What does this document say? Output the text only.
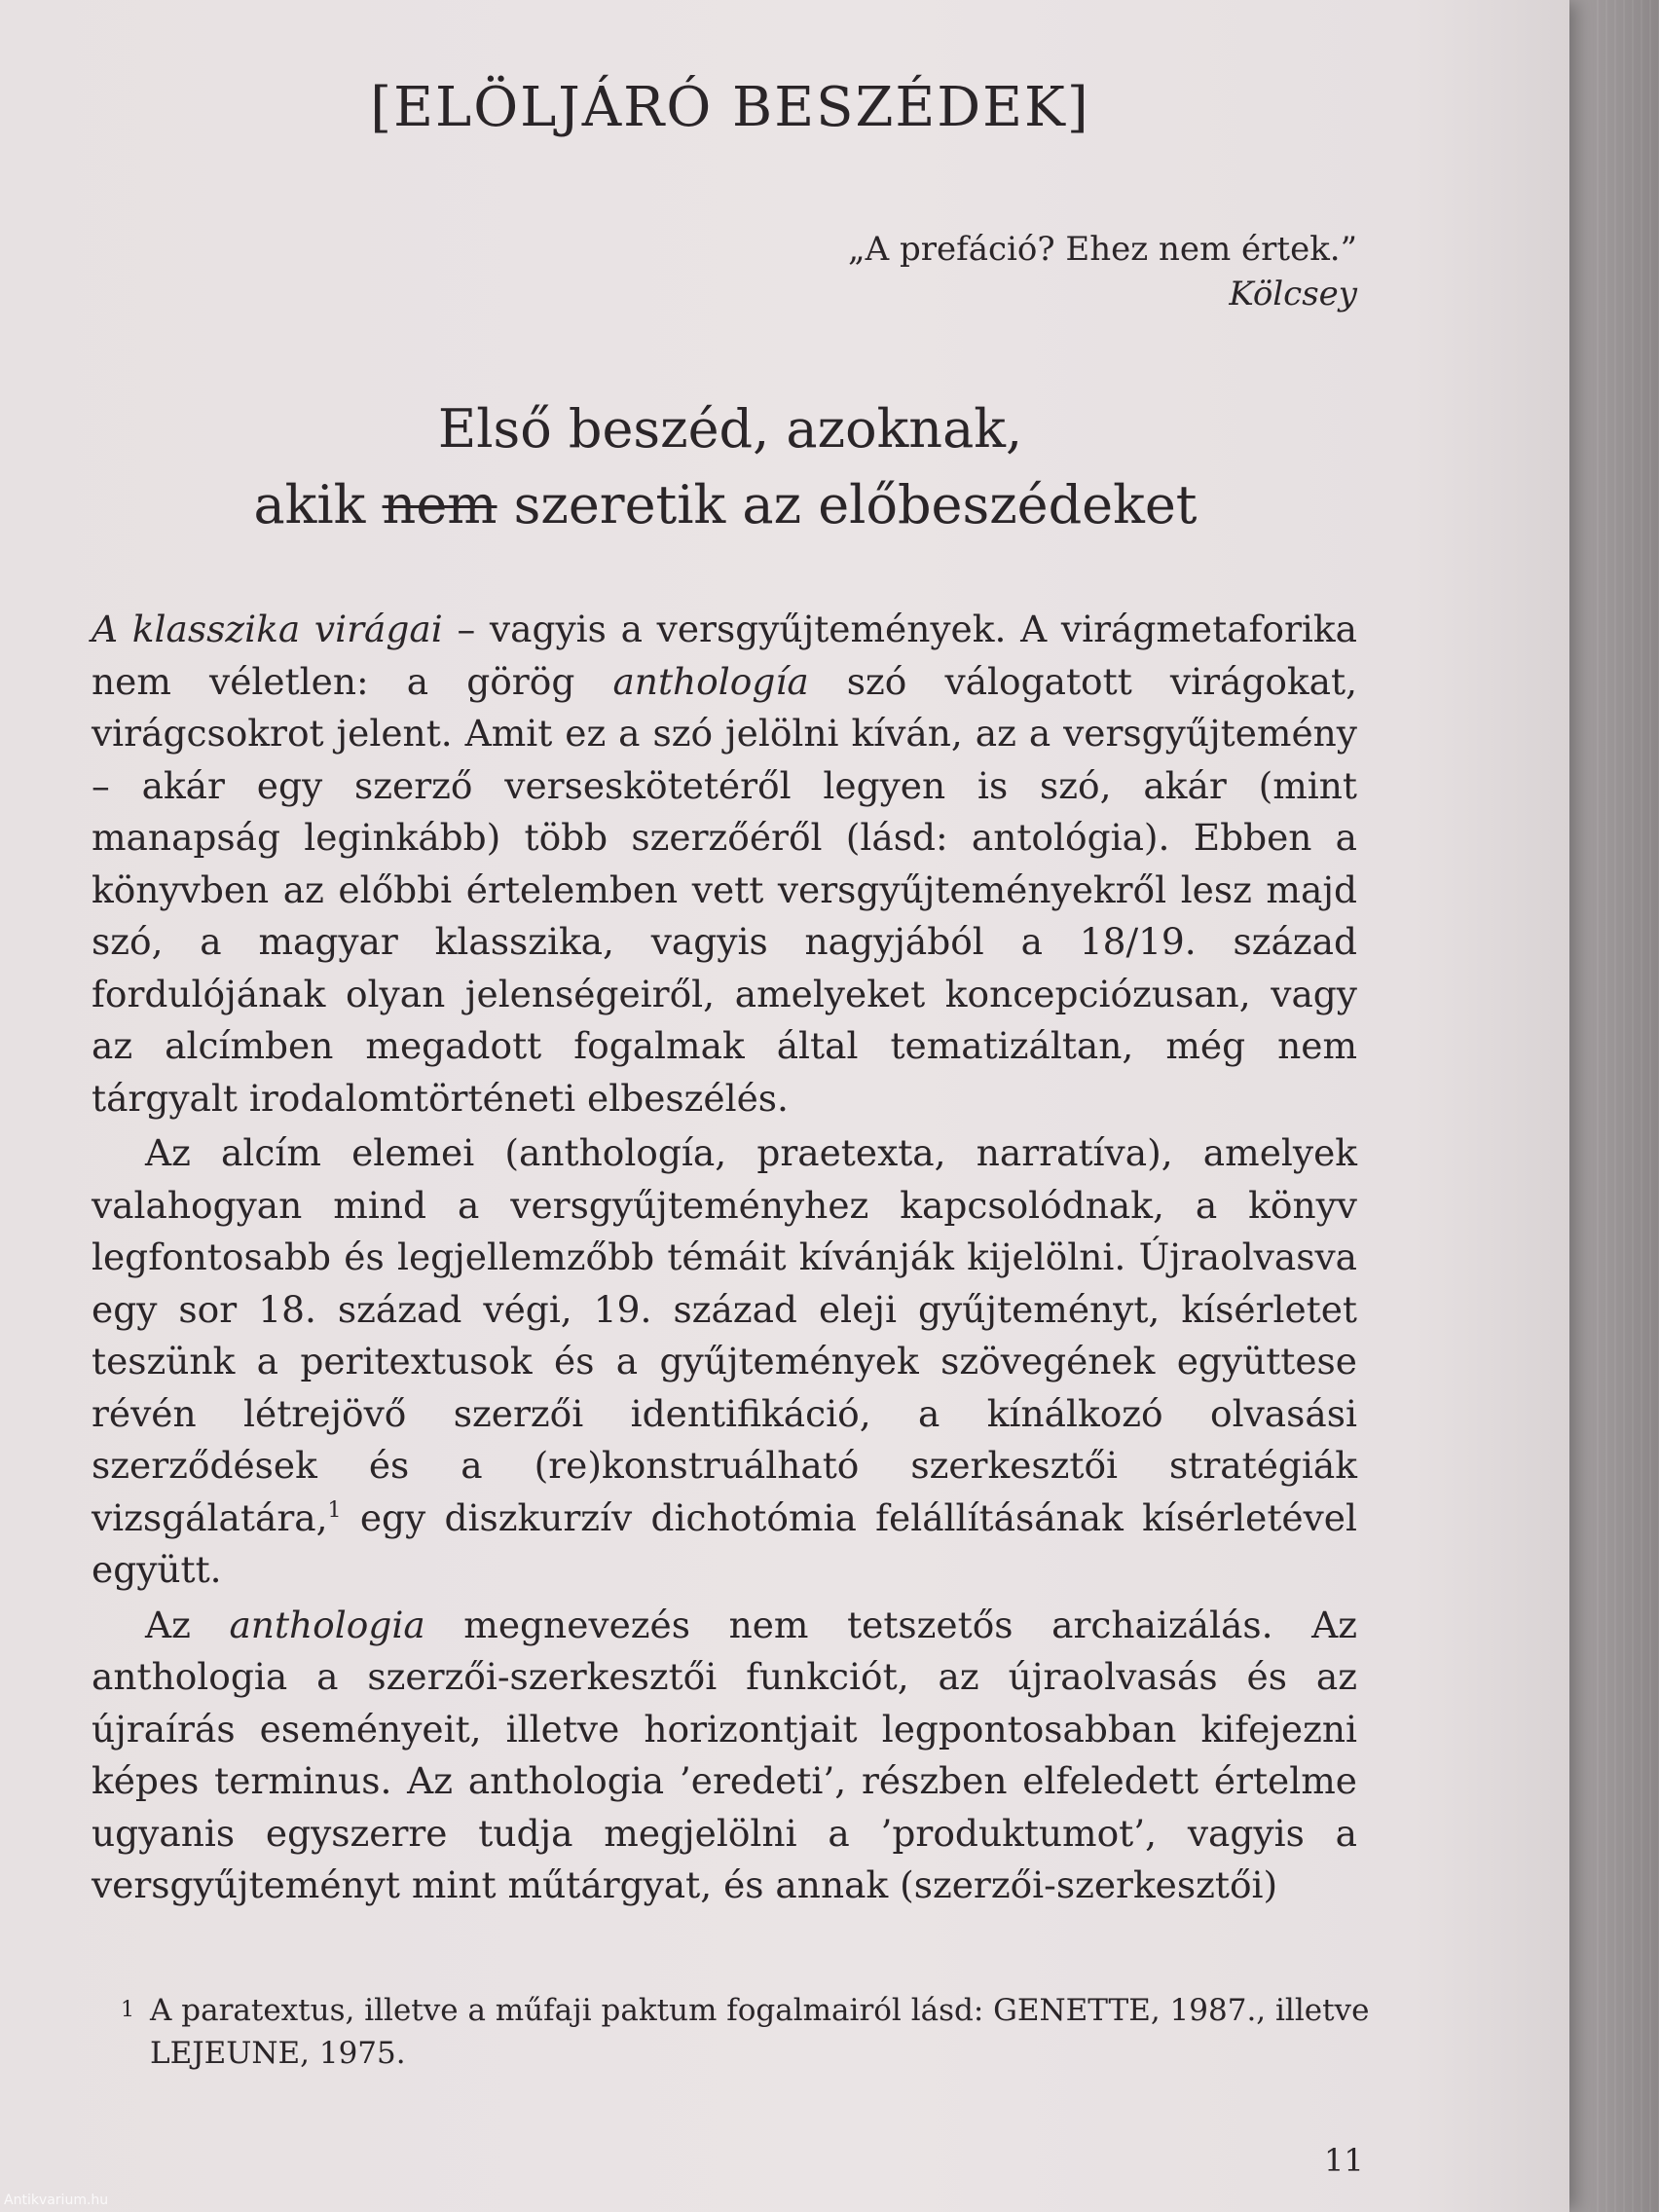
[ELÖLJÁRÓ BESZÉDEK]
„A prefáció? Ehez nem értek.”
Kölcsey
Első beszéd, azoknak,
akik nem szeretik az előbeszédeket

A klasszika virágai – vagyis a versgyűjtemények. A virágmetaforika nem véletlen: a görög anthología szó válogatott virágokat, virágcsokrot jelent. Amit ez a szó jelölni kíván, az a versgyűjtemény – akár egy szerző verseskötetéről legyen is szó, akár (mint manapság leginkább) több szerzőéről (lásd: antológia). Ebben a könyvben az előbbi értelemben vett versgyűjteményekről lesz majd szó, a magyar klasszika, vagyis nagyjából a 18/19. század fordulójának olyan jelenségeiről, amelyeket koncepciózusan, vagy az alcímben megadott fogalmak által tematizáltan, még nem tárgyalt irodalomtörténeti elbeszélés.

Az alcím elemei (anthología, praetexta, narratíva), amelyek valahogyan mind a versgyűjteményhez kapcsolódnak, a könyv legfontosabb és legjellemzőbb témáit kívánják kijelölni. Újraolvasva egy sor 18. század végi, 19. század eleji gyűjteményt, kísérletet teszünk a peritextusok és a gyűjtemények szövegének együttese révén létrejövő szerzői identifikáció, a kínálkozó olvasási szerződések és a (re)konstruálható szerkesztői stratégiák vizsgálatára,$^1$ egy diszkurzív dichotómia felállításának kísérletével együtt.

Az anthologia megnevezés nem tetszetős archaizálás. Az anthologia a szerzői-szerkesztői funkciót, az újraolvasás és az újraírás eseményeit, illetve horizontjait legpontosabban kifejezni képes terminus. Az anthologia ’eredeti’, részben elfeledett értelme ugyanis egyszerre tudja megjelölni a ’produktumot’, vagyis a versgyűjteményt mint műtárgyat, és annak (szerzői-szerkesztői)

1 A paratextus, illetve a műfaji paktum fogalmairól lásd: GENETTE, 1987., illetve LEJEUNE, 1975.
11
Antikvarium.hu
